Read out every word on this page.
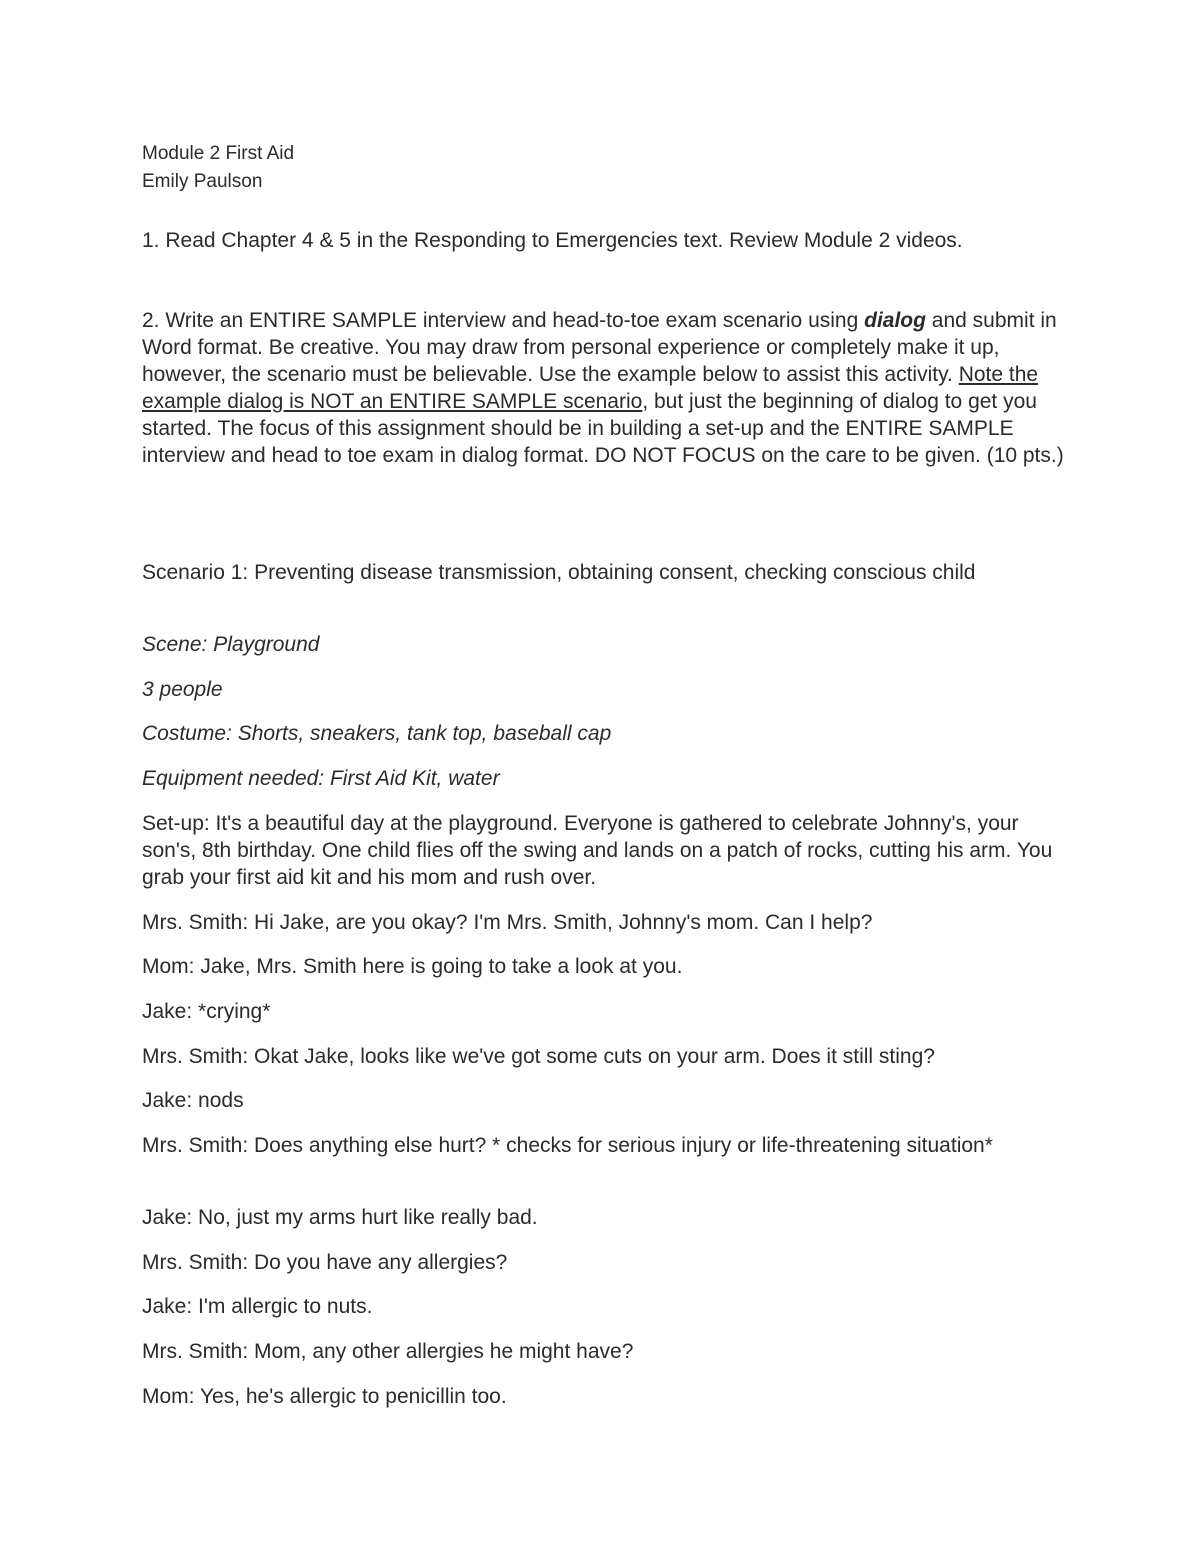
Module 2 First Aid

Emily Paulson

1. Read Chapter 4 & 5 in the Responding to Emergencies text. Review Module 2 videos.

2. Write an ENTIRE SAMPLE interview and head-to-toe exam scenario using dialog and submit in Word format. Be creative. You may draw from personal experience or completely make it up, however, the scenario must be believable. Use the example below to assist this activity. Note the example dialog is NOT an ENTIRE SAMPLE scenario, but just the beginning of dialog to get you started. The focus of this assignment should be in building a set-up and the ENTIRE SAMPLE interview and head to toe exam in dialog format. DO NOT FOCUS on the care to be given. (10 pts.)

Scenario 1: Preventing disease transmission, obtaining consent, checking conscious child

Scene: Playground

3 people

Costume: Shorts, sneakers, tank top, baseball cap

Equipment needed: First Aid Kit, water

Set-up: It's a beautiful day at the playground. Everyone is gathered to celebrate Johnny's, your son's, 8th birthday. One child flies off the swing and lands on a patch of rocks, cutting his arm. You grab your first aid kit and his mom and rush over.

Mrs. Smith: Hi Jake, are you okay? I'm Mrs. Smith, Johnny's mom. Can I help?

Mom: Jake, Mrs. Smith here is going to take a look at you.

Jake: *crying*

Mrs. Smith: Okat Jake, looks like we've got some cuts on your arm. Does it still sting?

Jake: nods

Mrs. Smith: Does anything else hurt? * checks for serious injury or life-threatening situation*

Jake: No, just my arms hurt like really bad.

Mrs. Smith: Do you have any allergies?

Jake: I'm allergic to nuts.

Mrs. Smith: Mom, any other allergies he might have?

Mom: Yes, he's allergic to penicillin too.
